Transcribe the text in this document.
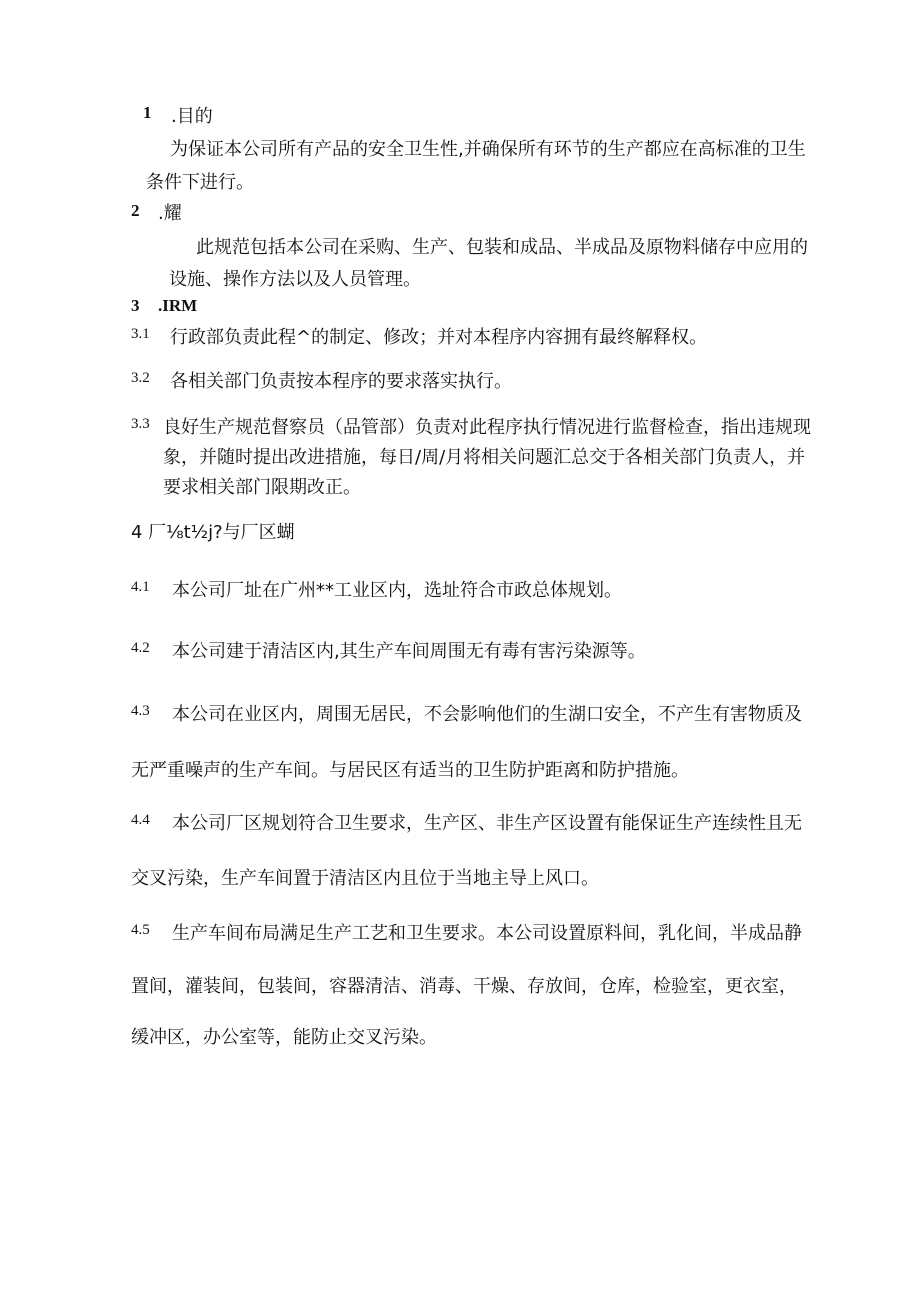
1 .目的
为保证本公司所有产品的安全卫生性,并确保所有环节的生产都应在高标准的卫生
条件下进行。
2 .耀
此规范包括本公司在采购、生产、包装和成品、半成品及原物料储存中应用的
设施、操作方法以及人员管理。
3 .IRM
3.1 行政部负责此程^的制定、修改；并对本程序内容拥有最终解释权。
3.2 各相关部门负责按本程序的要求落实执行。
3.3 良好生产规范督察员（品管部）负责对此程序执行情况进行监督检查，指出违规现
象，并随时提出改进措施，每日/周/月将相关问题汇总交于各相关部门负责人，并
要求相关部门限期改正。
4 厂⅛t½j?与厂区蝴
4.1 本公司厂址在广州**工业区内，选址符合市政总体规划。
4.2 本公司建于清洁区内,其生产车间周围无有毒有害污染源等。
4.3 本公司在业区内，周围无居民，不会影响他们的生湖口安全，不产生有害物质及
无严重噪声的生产车间。与居民区有适当的卫生防护距离和防护措施。
4.4 本公司厂区规划符合卫生要求，生产区、非生产区设置有能保证生产连续性且无
交叉污染，生产车间置于清洁区内且位于当地主导上风口。
4.5 生产车间布局满足生产工艺和卫生要求。本公司设置原料间，乳化间，半成品静
置间，灌装间，包装间，容器清洁、消毒、干燥、存放间，仓库，检验室，更衣室，
缓冲区，办公室等，能防止交叉污染。
